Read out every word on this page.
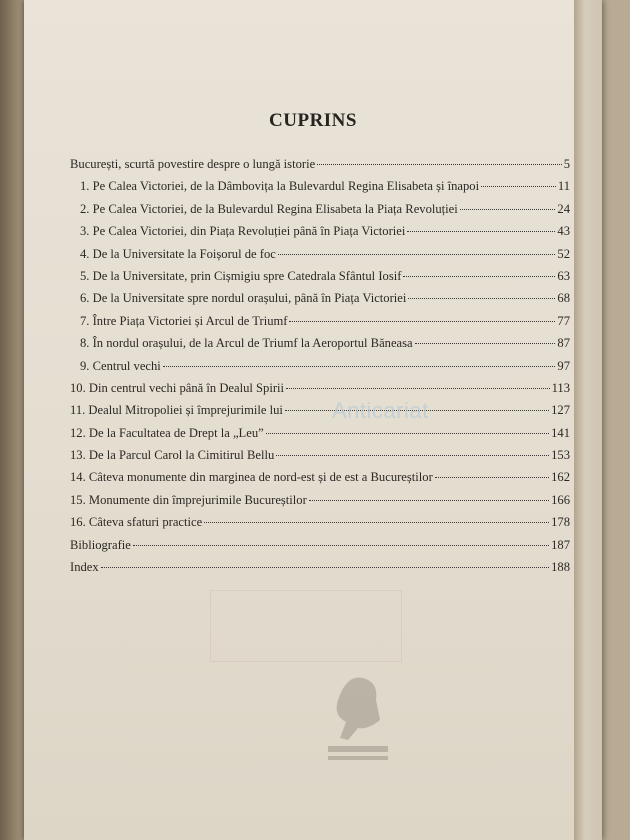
CUPRINS
București, scurtă povestire despre o lungă istorie	5
1. Pe Calea Victoriei, de la Dâmbovița la Bulevardul Regina Elisabeta și înapoi	11
2. Pe Calea Victoriei, de la Bulevardul Regina Elisabeta la Piața Revoluției	24
3. Pe Calea Victoriei, din Piața Revoluției până în Piața Victoriei	43
4. De la Universitate la Foișorul de foc	52
5. De la Universitate, prin Cișmigiu spre Catedrala Sfântul Iosif	63
6. De la Universitate spre nordul orașului, până în Piața Victoriei	68
7. Între Piața Victoriei și Arcul de Triumf	77
8. În nordul orașului, de la Arcul de Triumf la Aeroportul Băneasa	87
9. Centrul vechi	97
10. Din centrul vechi până în Dealul Spirii	113
11. Dealul Mitropoliei și împrejurimile lui	127
12. De la Facultatea de Drept la „Leu”	141
13. De la Parcul Carol la Cimitirul Bellu	153
14. Câteva monumente din marginea de nord-est și de est a Bucureștilor	162
15. Monumente din împrejurimile Bucureștilor	166
16. Câteva sfaturi practice	178
Bibliografie	187
Index	188
Anticariat
